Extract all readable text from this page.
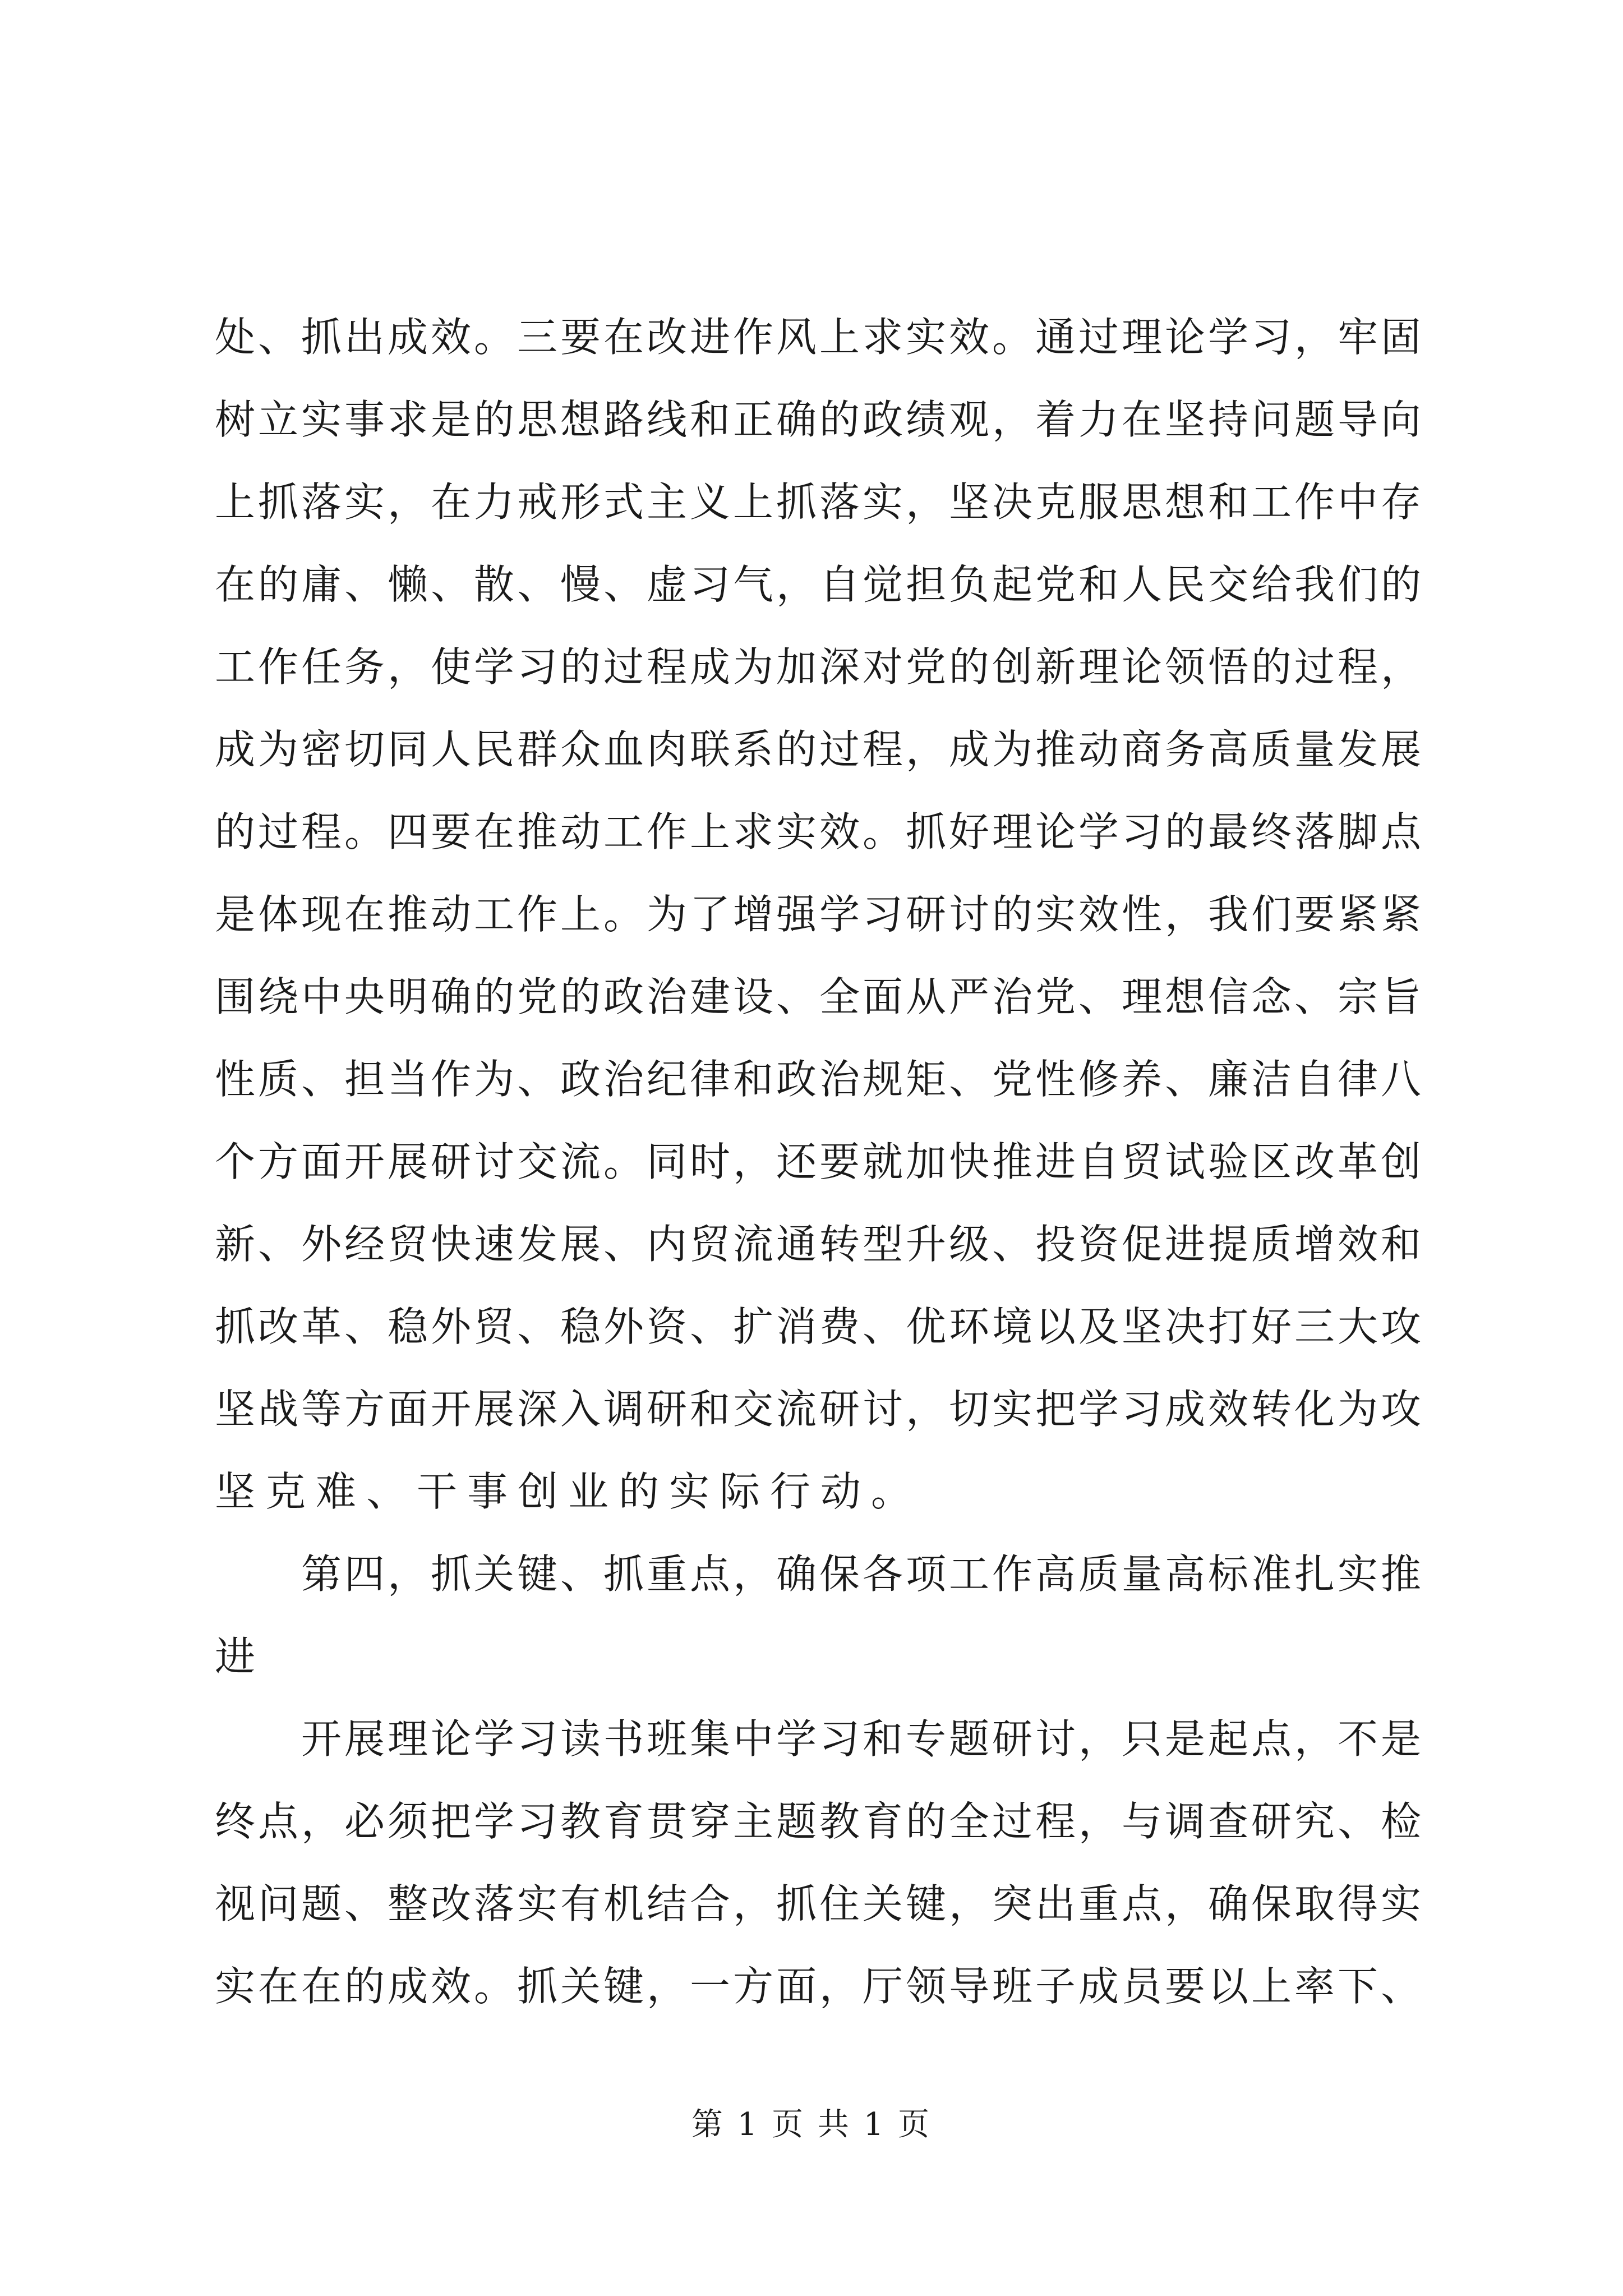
处、抓出成效。三要在改进作风上求实效。通过理论学习，牢固
树立实事求是的思想路线和正确的政绩观，着力在坚持问题导向
上抓落实，在力戒形式主义上抓落实，坚决克服思想和工作中存
在的庸、懒、散、慢、虚习气，自觉担负起党和人民交给我们的
工作任务，使学习的过程成为加深对党的创新理论领悟的过程，
成为密切同人民群众血肉联系的过程，成为推动商务高质量发展
的过程。四要在推动工作上求实效。抓好理论学习的最终落脚点
是体现在推动工作上。为了增强学习研讨的实效性，我们要紧紧
围绕中央明确的党的政治建设、全面从严治党、理想信念、宗旨
性质、担当作为、政治纪律和政治规矩、党性修养、廉洁自律八
个方面开展研讨交流。同时，还要就加快推进自贸试验区改革创
新、外经贸快速发展、内贸流通转型升级、投资促进提质增效和
抓改革、稳外贸、稳外资、扩消费、优环境以及坚决打好三大攻
坚战等方面开展深入调研和交流研讨，切实把学习成效转化为攻
坚克难、干事创业的实际行动。
第四，抓关键、抓重点，确保各项工作高质量高标准扎实推
进
开展理论学习读书班集中学习和专题研讨，只是起点，不是
终点，必须把学习教育贯穿主题教育的全过程，与调查研究、检
视问题、整改落实有机结合，抓住关键，突出重点，确保取得实
实在在的成效。抓关键，一方面，厅领导班子成员要以上率下、
第 1 页 共 1 页
